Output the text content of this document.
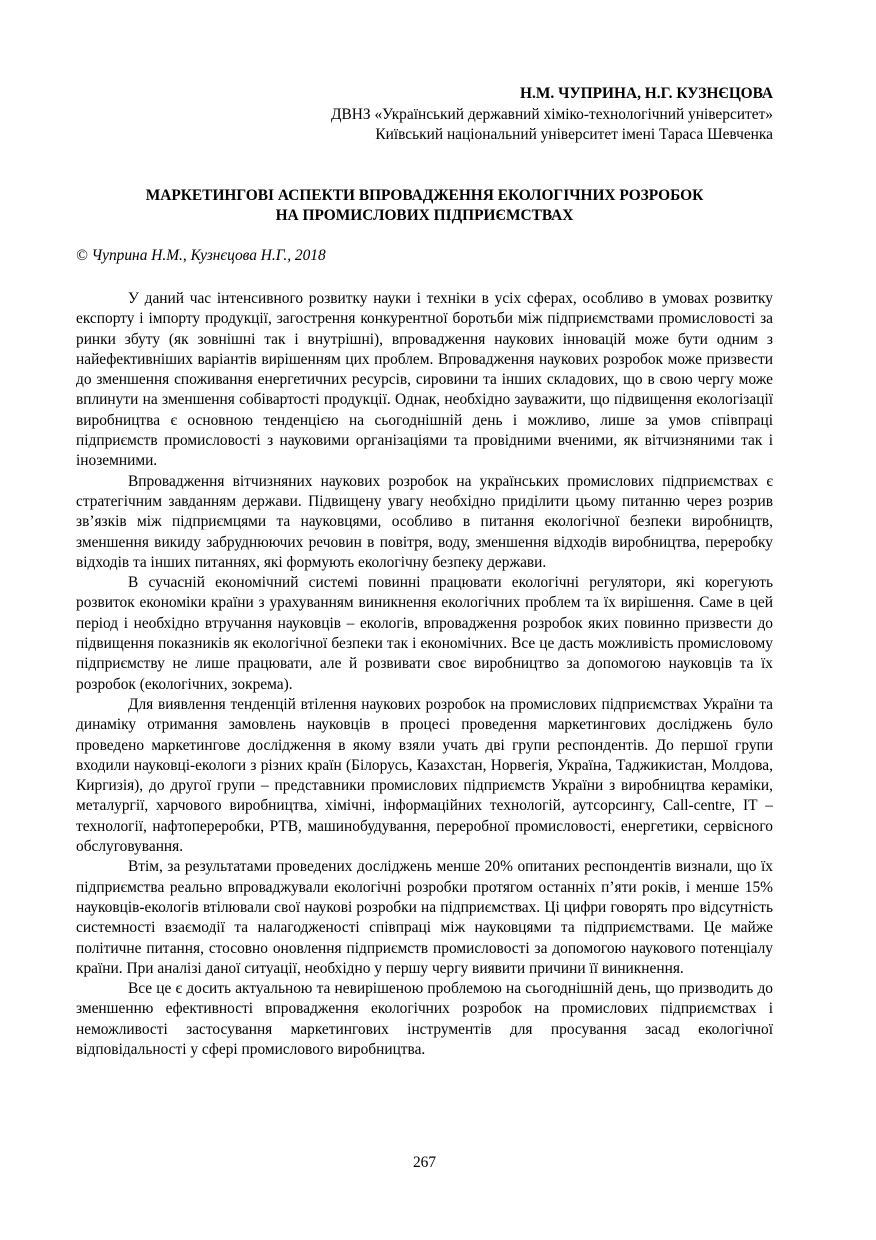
Н.М. ЧУПРИНА, Н.Г. КУЗНЄЦОВА
ДВНЗ «Український державний хіміко-технологічний університет»
Київський національний університет імені Тараса Шевченка
МАРКЕТИНГОВІ АСПЕКТИ ВПРОВАДЖЕННЯ ЕКОЛОГІЧНИХ РОЗРОБОК
НА ПРОМИСЛОВИХ ПІДПРИЄМСТВАХ
© Чуприна Н.М., Кузнєцова Н.Г., 2018

У даний час інтенсивного розвитку науки і техніки в усіх сферах, особливо в умовах розвитку експорту і імпорту продукції, загострення конкурентної боротьби між підприємствами промисловості за ринки збуту (як зовнішні так і внутрішні), впровадження наукових інновацій може бути одним з найефективніших варіантів вирішенням цих проблем. Впровадження наукових розробок може призвести до зменшення споживання енергетичних ресурсів, сировини та інших складових, що в свою чергу може вплинути на зменшення собівартості продукції. Однак, необхідно зауважити, що підвищення екологізації виробництва є основною тенденцією на сьогоднішній день і можливо, лише за умов співпраці підприємств промисловості з науковими організаціями та провідними вченими, як вітчизняними так і іноземними.

Впровадження вітчизняних наукових розробок на українських промислових підприємствах є стратегічним завданням держави. Підвищену увагу необхідно приділити цьому питанню через розрив зв’язків між підприємцями та науковцями, особливо в питання екологічної безпеки виробництв, зменшення викиду забруднюючих речовин в повітря, воду, зменшення відходів виробництва, переробку відходів та інших питаннях, які формують екологічну безпеку держави.

В сучасній економічний системі повинні працювати екологічні регулятори, які корегують розвиток економіки країни з урахуванням виникнення екологічних проблем та їх вирішення. Саме в цей період і необхідно втручання науковців – екологів, впровадження розробок яких повинно призвести до підвищення показників як екологічної безпеки так і економічних. Все це дасть можливість промисловому підприємству не лише працювати, але й розвивати своє виробництво за допомогою науковців та їх розробок (екологічних, зокрема).

Для виявлення тенденцій втілення наукових розробок на промислових підприємствах України та динаміку отримання замовлень науковців в процесі проведення маркетингових досліджень було проведено маркетингове дослідження в якому взяли учать дві групи респондентів. До першої групи входили науковці-екологи з різних країн (Білорусь, Казахстан, Норвегія, Україна, Таджикистан, Молдова, Киргизія), до другої групи – представники промислових підприємств України з виробництва кераміки, металургії, харчового виробництва, хімічні, інформаційних технологій, аутсорсингу, Call-centre, ІТ – технології, нафтопереробки, РТВ, машинобудування, переробної промисловості, енергетики, сервісного обслуговування.

Втім, за результатами проведених досліджень менше 20% опитаних респондентів визнали, що їх підприємства реально впроваджували екологічні розробки протягом останніх п’яти років, і менше 15% науковців-екологів втілювали свої наукові розробки на підприємствах. Ці цифри говорять про відсутність системності взаємодії та налагодженості співпраці між науковцями та підприємствами. Це майже політичне питання, стосовно оновлення підприємств промисловості за допомогою наукового потенціалу країни. При аналізі даної ситуації, необхідно у першу чергу виявити причини її виникнення.

Все це є досить актуальною та невирішеною проблемою на сьогоднішній день, що призводить до зменшенню ефективності впровадження екологічних розробок на промислових підприємствах і неможливості застосування маркетингових інструментів для просування засад екологічної відповідальності у сфері промислового виробництва.

267
